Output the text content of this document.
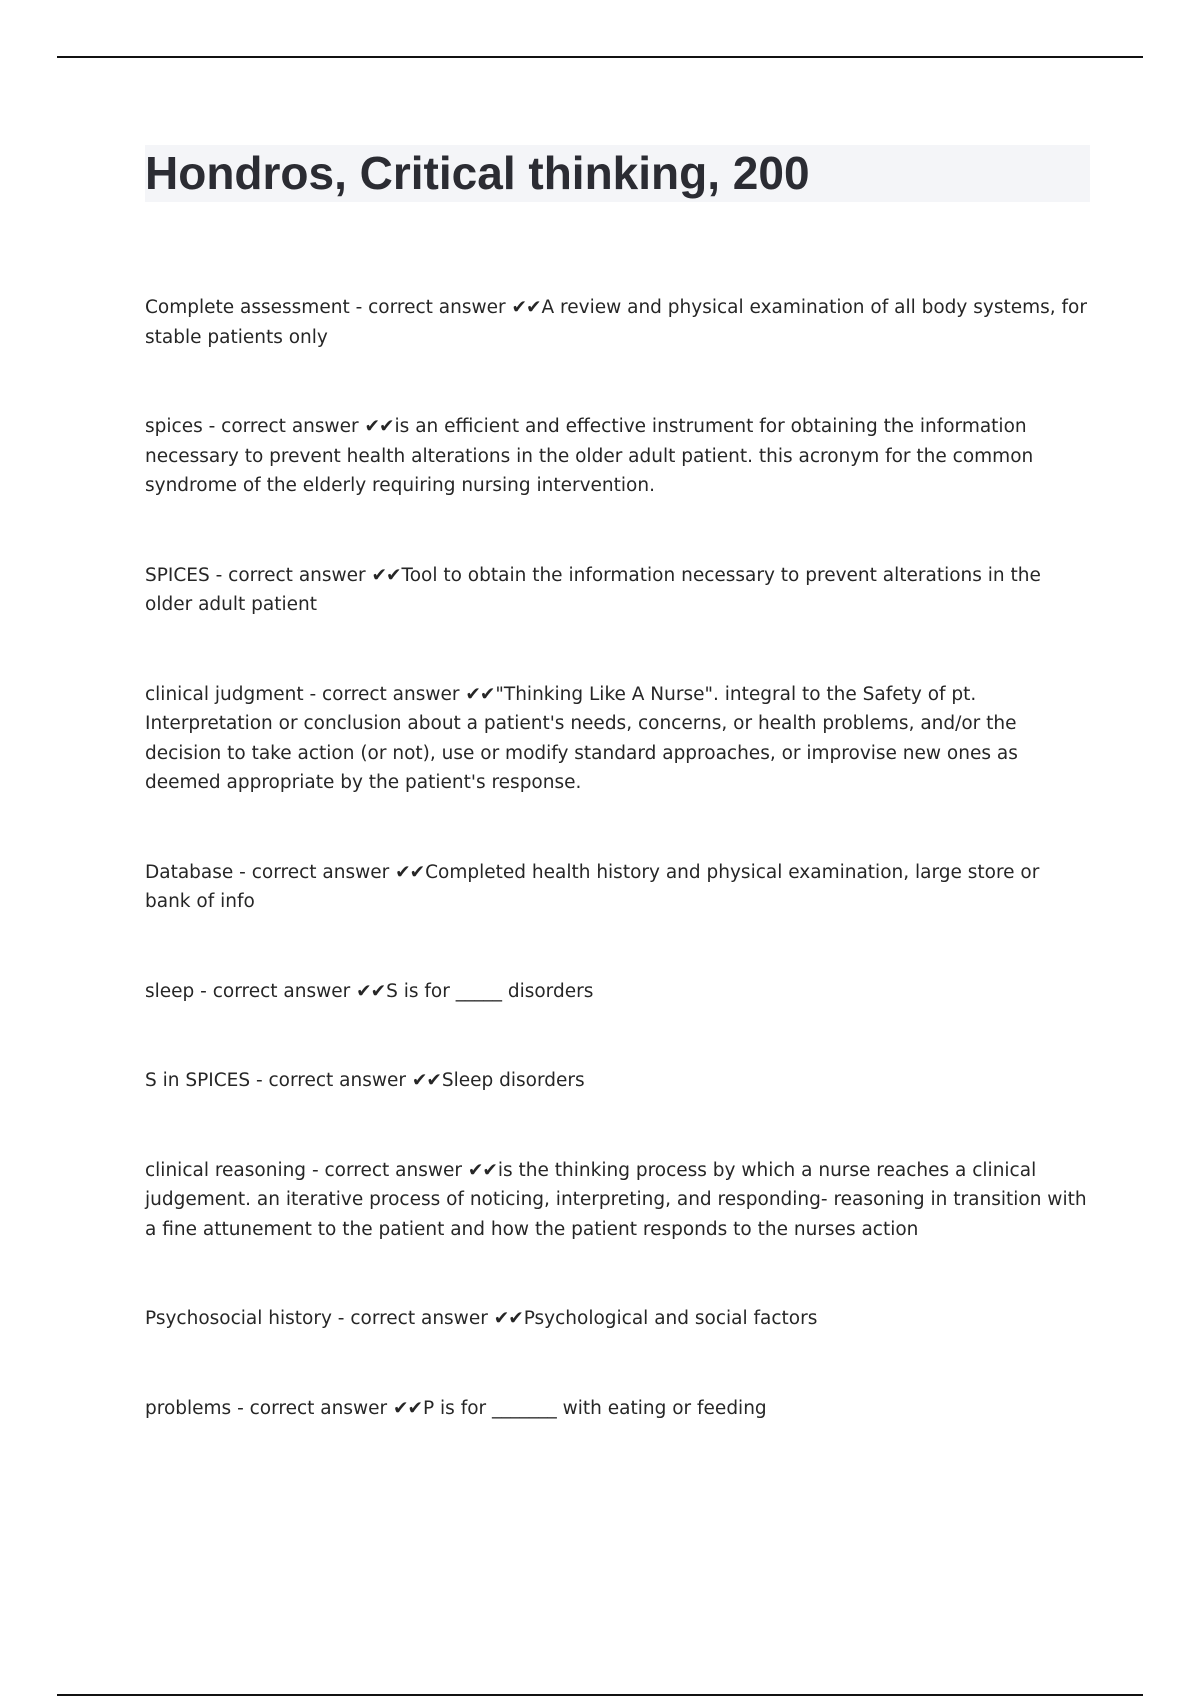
Hondros, Critical thinking, 200
Complete assessment - correct answer ✔✔A review and physical examination of all body systems, for stable patients only
spices - correct answer ✔✔is an efficient and effective instrument for obtaining the information necessary to prevent health alterations in the older adult patient. this acronym for the common syndrome of the elderly requiring nursing intervention.
SPICES - correct answer ✔✔Tool to obtain the information necessary to prevent alterations in the older adult patient
clinical judgment - correct answer ✔✔"Thinking Like A Nurse". integral to the Safety of pt. Interpretation or conclusion about a patient's needs, concerns, or health problems, and/or the decision to take action (or not), use or modify standard approaches, or improvise new ones as deemed appropriate by the patient's response.
Database - correct answer ✔✔Completed health history and physical examination, large store or bank of info
sleep - correct answer ✔✔S is for _____ disorders
S in SPICES - correct answer ✔✔Sleep disorders
clinical reasoning - correct answer ✔✔is the thinking process by which a nurse reaches a clinical judgement. an iterative process of noticing, interpreting, and responding- reasoning in transition with a fine attunement to the patient and how the patient responds to the nurses action
Psychosocial history - correct answer ✔✔Psychological and social factors
problems - correct answer ✔✔P is for _______ with eating or feeding
